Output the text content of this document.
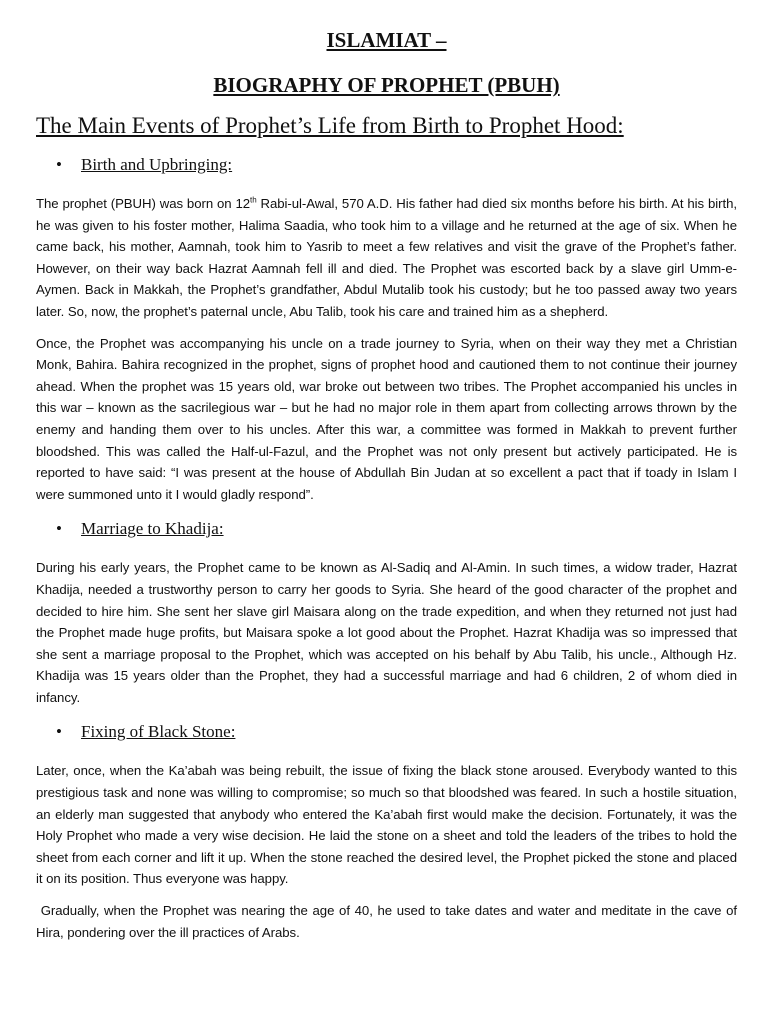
ISLAMIAT –

BIOGRAPHY OF PROPHET (PBUH)

The Main Events of Prophet’s Life from Birth to Prophet Hood:

• Birth and Upbringing:

The prophet (PBUH) was born on 12th Rabi-ul-Awal, 570 A.D. His father had died six months before his birth. At his birth, he was given to his foster mother, Halima Saadia, who took him to a village and he returned at the age of six. When he came back, his mother, Aamnah, took him to Yasrib to meet a few relatives and visit the grave of the Prophet’s father. However, on their way back Hazrat Aamnah fell ill and died. The Prophet was escorted back by a slave girl Umm-e-Aymen. Back in Makkah, the Prophet’s grandfather, Abdul Mutalib took his custody; but he too passed away two years later. So, now, the prophet’s paternal uncle, Abu Talib, took his care and trained him as a shepherd.

Once, the Prophet was accompanying his uncle on a trade journey to Syria, when on their way they met a Christian Monk, Bahira. Bahira recognized in the prophet, signs of prophet hood and cautioned them to not continue their journey ahead. When the prophet was 15 years old, war broke out between two tribes. The Prophet accompanied his uncles in this war – known as the sacrilegious war – but he had no major role in them apart from collecting arrows thrown by the enemy and handing them over to his uncles. After this war, a committee was formed in Makkah to prevent further bloodshed. This was called the Half-ul-Fazul, and the Prophet was not only present but actively participated. He is reported to have said: “I was present at the house of Abdullah Bin Judan at so excellent a pact that if toady in Islam I were summoned unto it I would gladly respond”.

• Marriage to Khadija:

During his early years, the Prophet came to be known as Al-Sadiq and Al-Amin. In such times, a widow trader, Hazrat Khadija, needed a trustworthy person to carry her goods to Syria. She heard of the good character of the prophet and decided to hire him. She sent her slave girl Maisara along on the trade expedition, and when they returned not just had the Prophet made huge profits, but Maisara spoke a lot good about the Prophet. Hazrat Khadija was so impressed that she sent a marriage proposal to the Prophet, which was accepted on his behalf by Abu Talib, his uncle., Although Hz. Khadija was 15 years older than the Prophet, they had a successful marriage and had 6 children, 2 of whom died in infancy.

• Fixing of Black Stone:

Later, once, when the Ka’abah was being rebuilt, the issue of fixing the black stone aroused. Everybody wanted to this prestigious task and none was willing to compromise; so much so that bloodshed was feared. In such a hostile situation, an elderly man suggested that anybody who entered the Ka’abah first would make the decision. Fortunately, it was the Holy Prophet who made a very wise decision. He laid the stone on a sheet and told the leaders of the tribes to hold the sheet from each corner and lift it up. When the stone reached the desired level, the Prophet picked the stone and placed it on its position. Thus everyone was happy.

Gradually, when the Prophet was nearing the age of 40, he used to take dates and water and meditate in the cave of Hira, pondering over the ill practices of Arabs.
